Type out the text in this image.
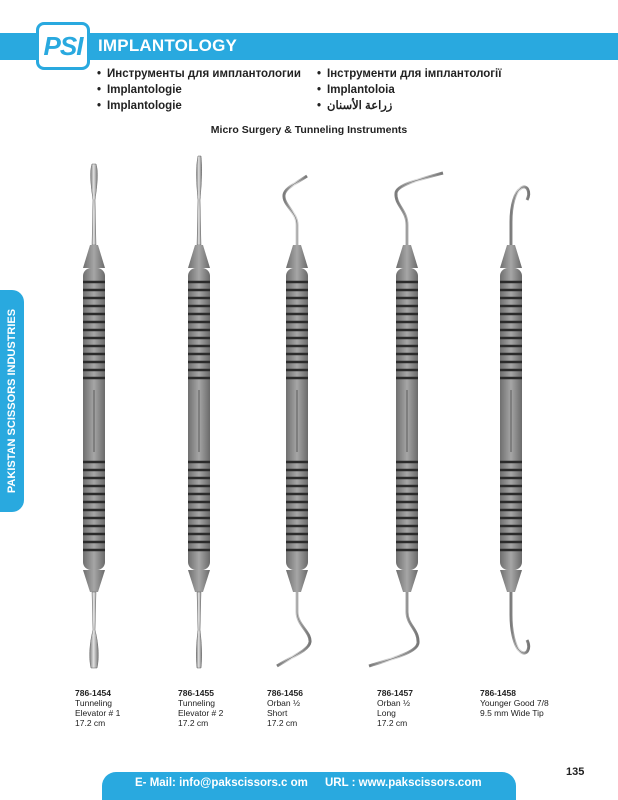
PSI IMPLANTOLOGY
• Инструменты для имплантологии
• Implantologie
• Implantologie
• Інструменти для імплантології
• Implantoloia
• زراعة الأسنان
Micro Surgery & Tunneling Instruments
PAKISTAN SCISSORS INDUSTRIES
786-1454
Tunneling
Elevator # 1
17.2 cm
786-1455
Tunneling
Elevator # 2
17.2 cm
786-1456
Orban ½
Short
17.2 cm
786-1457
Orban ½
Long
17.2 cm
786-1458
Younger Good 7/8
9.5 mm Wide Tip
E- Mail: info@pakscissors.c om URL : www.pakscissors.com
135
